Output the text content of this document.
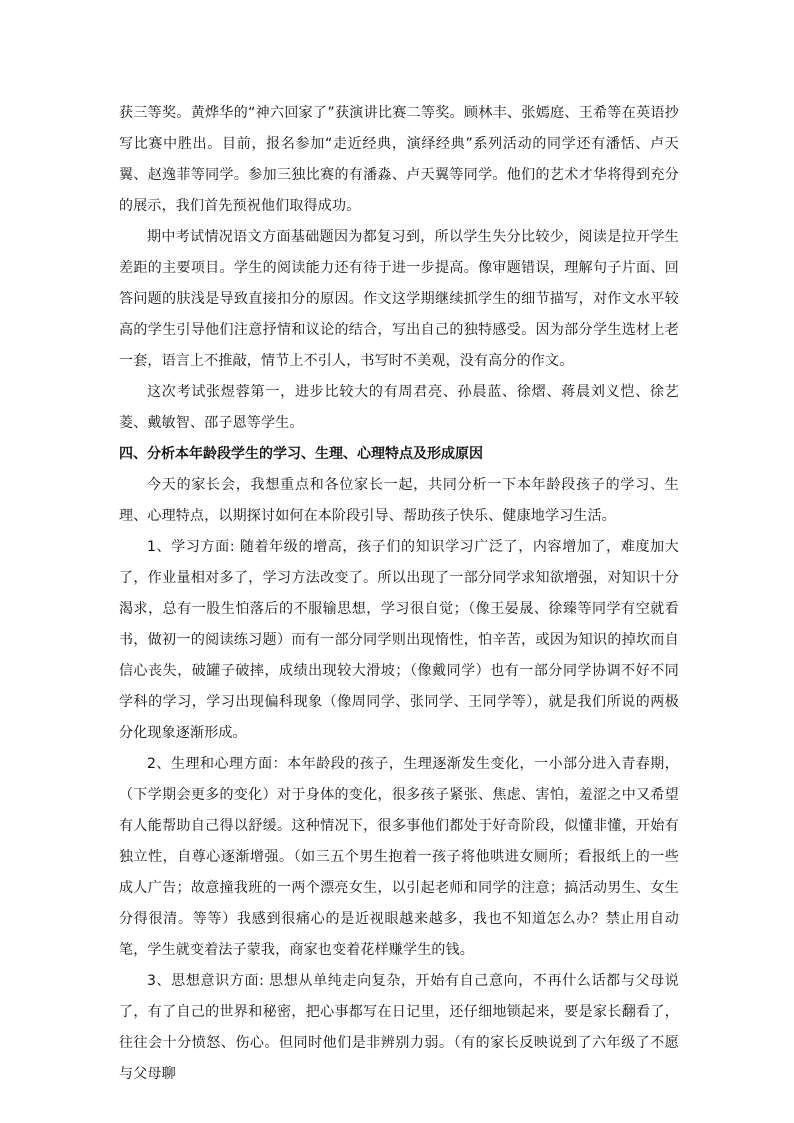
获三等奖。黄烨华的“神六回家了”获演讲比赛二等奖。顾林丰、张嫣庭、王希等在英语抄写比赛中胜出。目前，报名参加“走近经典，演绎经典”系列活动的同学还有潘恬、卢天翼、赵逸菲等同学。参加三独比赛的有潘淼、卢天翼等同学。他们的艺术才华将得到充分的展示，我们首先预祝他们取得成功。

期中考试情况语文方面基础题因为都复习到，所以学生失分比较少，阅读是拉开学生差距的主要项目。学生的阅读能力还有待于进一步提高。像审题错误，理解句子片面、回答问题的肤浅是导致直接扣分的原因。作文这学期继续抓学生的细节描写，对作文水平较高的学生引导他们注意抒情和议论的结合，写出自己的独特感受。因为部分学生选材上老一套，语言上不推敲，情节上不引人，书写时不美观，没有高分的作文。

这次考试张煜蓉第一，进步比较大的有周君亮、孙晨蓝、徐熠、蒋晨刘义恺、徐艺菱、戴敏智、邵子恩等学生。

四、分析本年龄段学生的学习、生理、心理特点及形成原因

今天的家长会，我想重点和各位家长一起，共同分析一下本年龄段孩子的学习、生理、心理特点，以期探讨如何在本阶段引导、帮助孩子快乐、健康地学习生活。

1、学习方面: 随着年级的增高，孩子们的知识学习广泛了，内容增加了，难度加大了，作业量相对多了，学习方法改变了。所以出现了一部分同学求知欲增强，对知识十分渴求，总有一股生怕落后的不服输思想，学习很自觉；（像王晏晟、徐臻等同学有空就看书，做初一的阅读练习题）而有一部分同学则出现惰性，怕辛苦，或因为知识的掉坎而自信心丧失，破罐子破摔，成绩出现较大滑坡；（像戴同学）也有一部分同学协调不好不同学科的学习，学习出现偏科现象（像周同学、张同学、王同学等），就是我们所说的两极分化现象逐渐形成。

2、生理和心理方面：本年龄段的孩子，生理逐渐发生变化，一小部分进入青春期，（下学期会更多的变化）对于身体的变化，很多孩子紧张、焦虑、害怕，羞涩之中又希望有人能帮助自己得以舒缓。这种情况下，很多事他们都处于好奇阶段，似懂非懂，开始有独立性，自尊心逐渐增强。（如三五个男生抱着一孩子将他哄进女厕所；看报纸上的一些成人广告；故意撞我班的一两个漂亮女生，以引起老师和同学的注意；搞活动男生、女生分得很清。等等）我感到很痛心的是近视眼越来越多，我也不知道怎么办？禁止用自动笔，学生就变着法子蒙我，商家也变着花样赚学生的钱。

3、思想意识方面: 思想从单纯走向复杂，开始有自己意向，不再什么话都与父母说了，有了自己的世界和秘密，把心事都写在日记里，还仔细地锁起来，要是家长翻看了，往往会十分愤怒、伤心。但同时他们是非辨别力弱。（有的家长反映说到了六年级了不愿与父母聊
